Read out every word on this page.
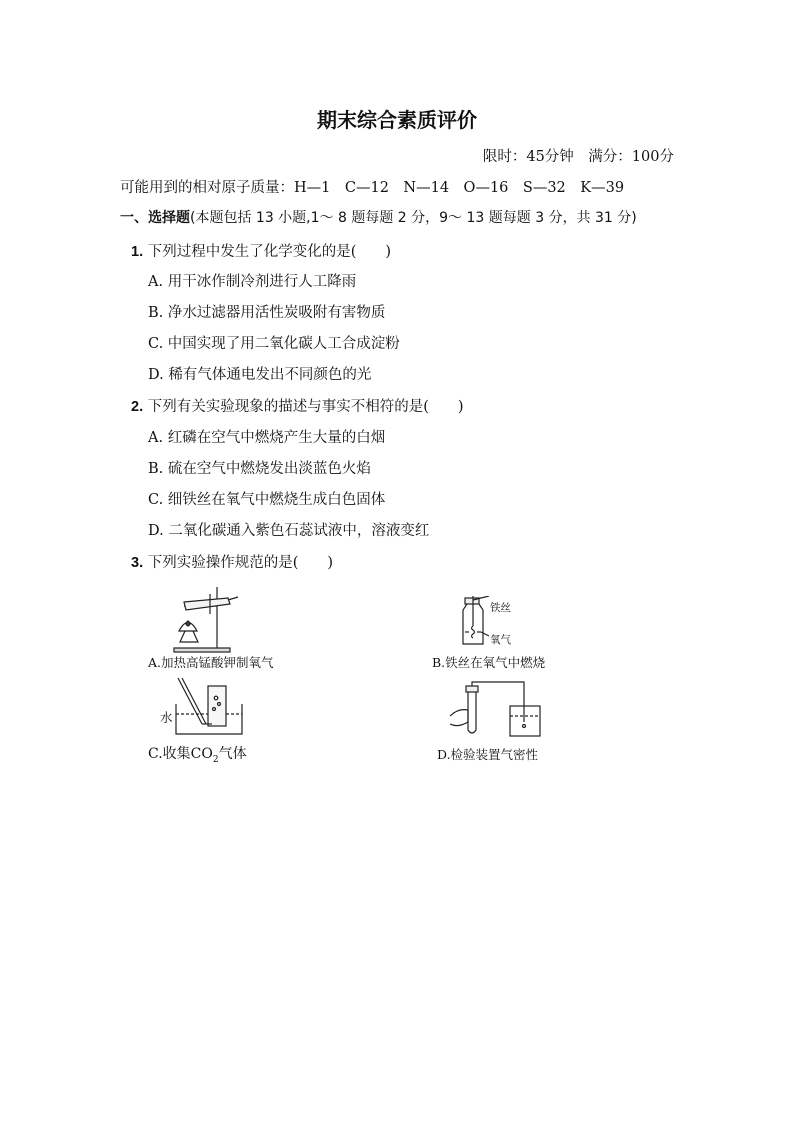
期末综合素质评价
限时：45分钟　满分：100分
可能用到的相对原子质量：H—1　C—12　N—14　O—16　S—32　K—39
一、选择题(本题包括 13 小题,1～ 8 题每题 2 分，9～ 13 题每题 3 分，共 31 分)
1. 下列过程中发生了化学变化的是(　　)
A. 用干冰作制冷剂进行人工降雨
B. 净水过滤器用活性炭吸附有害物质
C. 中国实现了用二氧化碳人工合成淀粉
D. 稀有气体通电发出不同颜色的光
2. 下列有关实验现象的描述与事实不相符的是(　　)
A. 红磷在空气中燃烧产生大量的白烟
B. 硫在空气中燃烧发出淡蓝色火焰
C. 细铁丝在氧气中燃烧生成白色固体
D. 二氧化碳通入紫色石蕊试液中，溶液变红
3. 下列实验操作规范的是(　　)
A.加热高锰酸钾制氧气
铁丝
氧气
B.铁丝在氧气中燃烧
水
C.收集$CO_2$气体	D.检验装置气密性
